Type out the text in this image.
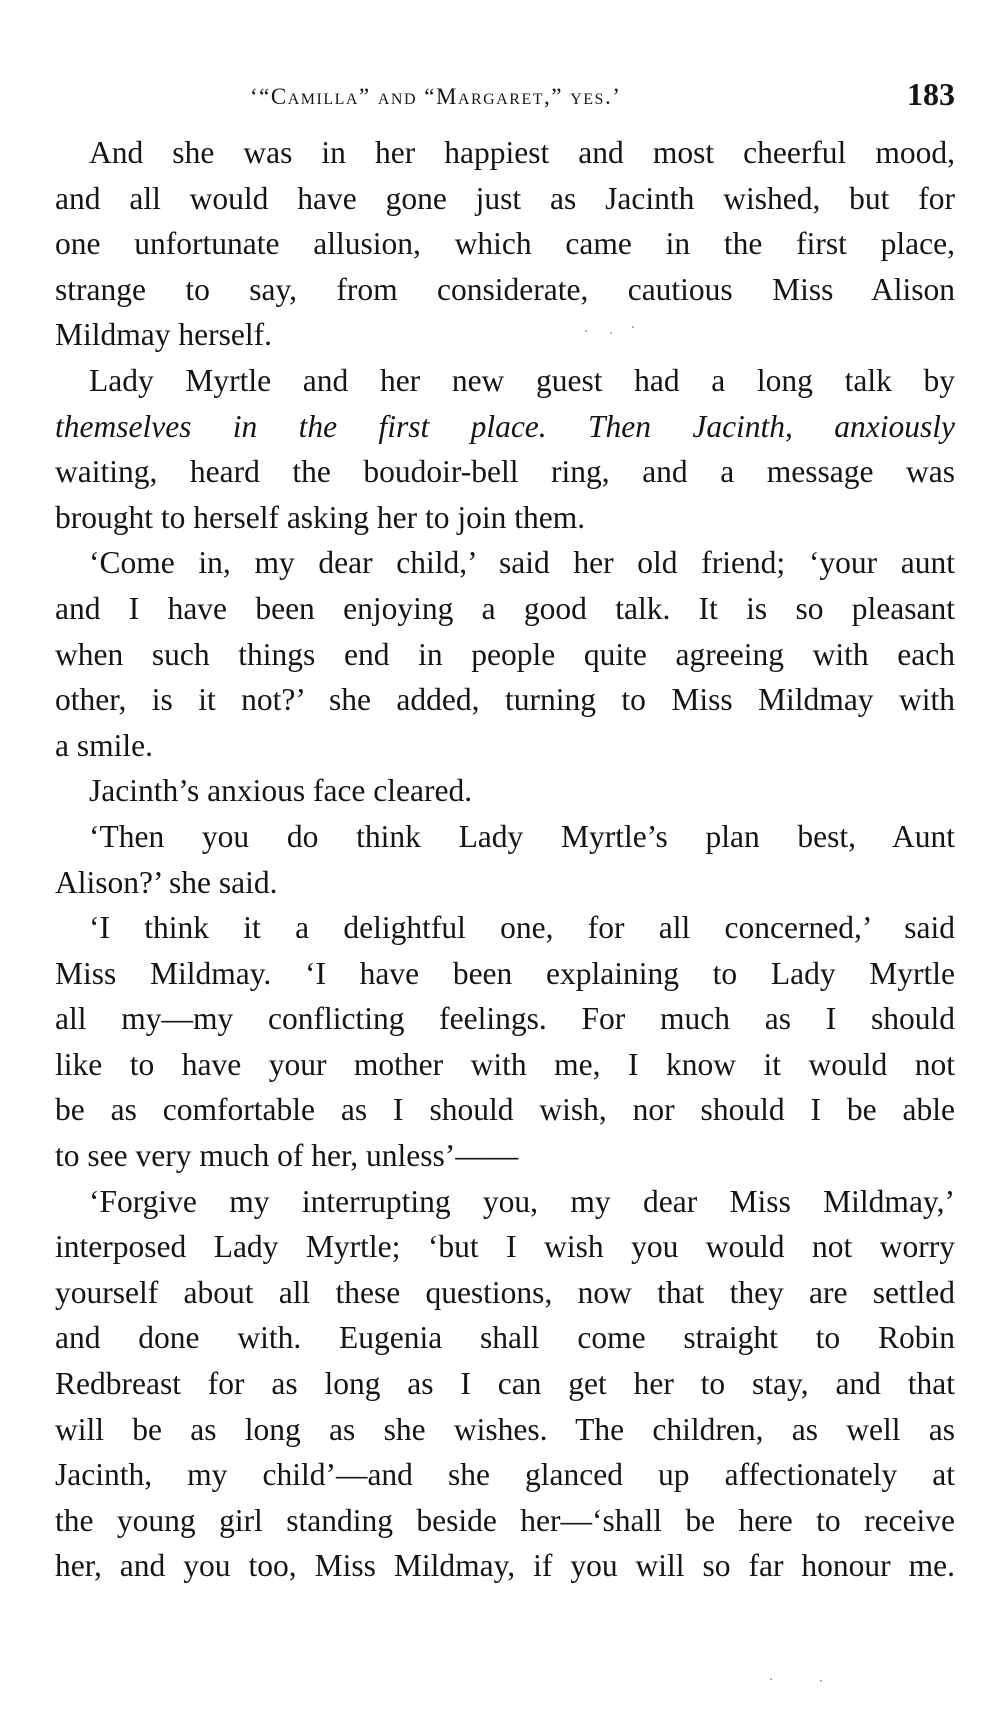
‘“Camilla” and “Margaret,” yes.’	183

And she was in her happiest and most cheerful mood,
and all would have gone just as Jacinth wished, but for
one unfortunate allusion, which came in the first place,
strange to say, from considerate, cautious Miss Alison
Mildmay herself.

Lady Myrtle and her new guest had a long talk by
themselves in the first place. Then Jacinth, anxiously
waiting, heard the boudoir-bell ring, and a message was
brought to herself asking her to join them.

‘Come in, my dear child,’ said her old friend; ‘your aunt
and I have been enjoying a good talk. It is so pleasant
when such things end in people quite agreeing with each
other, is it not?’ she added, turning to Miss Mildmay with
a smile.

Jacinth’s anxious face cleared.

‘Then you do think Lady Myrtle’s plan best, Aunt
Alison?’ she said.

‘I think it a delightful one, for all concerned,’ said
Miss Mildmay. ‘I have been explaining to Lady Myrtle
all my—my conflicting feelings. For much as I should
like to have your mother with me, I know it would not
be as comfortable as I should wish, nor should I be able
to see very much of her, unless’——

‘Forgive my interrupting you, my dear Miss Mildmay,’
interposed Lady Myrtle; ‘but I wish you would not worry
yourself about all these questions, now that they are settled
and done with. Eugenia shall come straight to Robin
Redbreast for as long as I can get her to stay, and that
will be as long as she wishes. The children, as well as
Jacinth, my child’—and she glanced up affectionately at
the young girl standing beside her—‘shall be here to receive
her, and you too, Miss Mildmay, if you will so far honour me.
